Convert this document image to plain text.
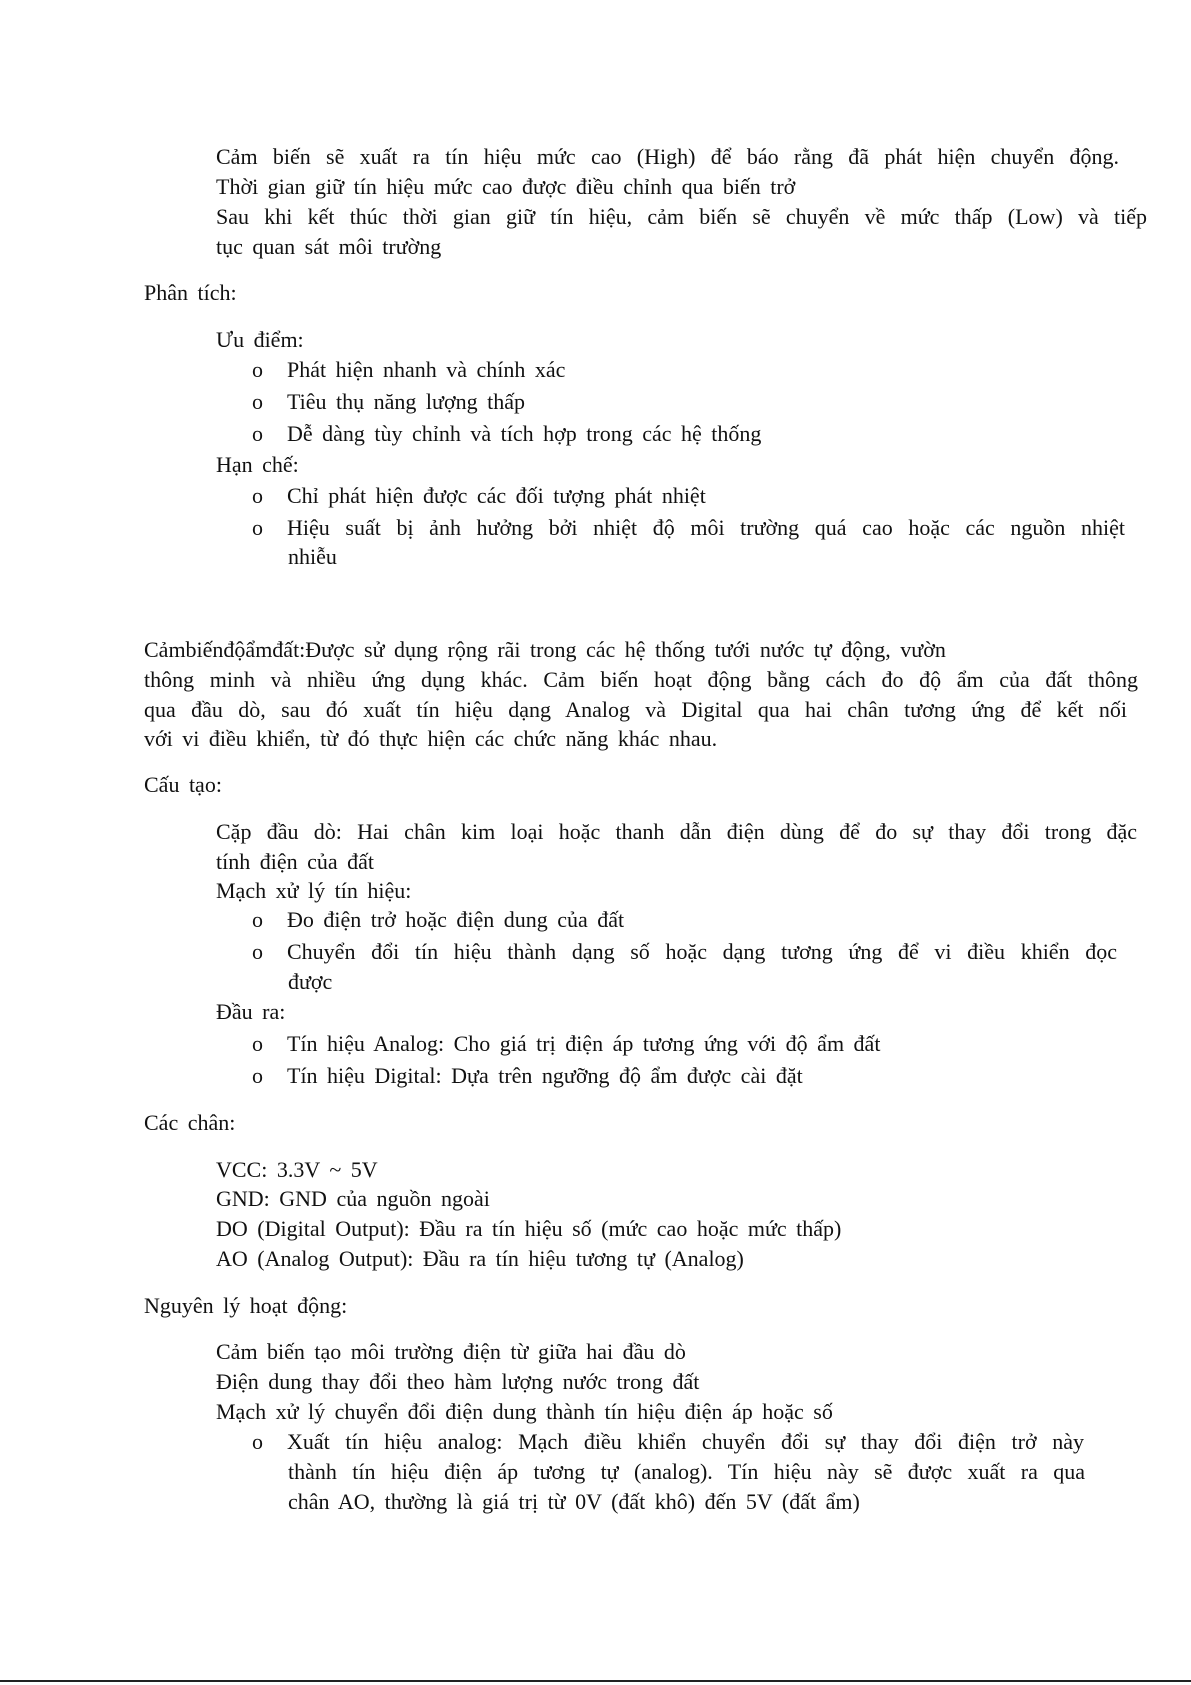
Cảm biến sẽ xuất ra tín hiệu mức cao (High) để báo rằng đã phát hiện chuyển động.
Thời gian giữ tín hiệu mức cao được điều chỉnh qua biến trở
Sau khi kết thúc thời gian giữ tín hiệu, cảm biến sẽ chuyển về mức thấp (Low) và tiếp
tục quan sát môi trường
Phân tích:
Ưu điểm:
o Phát hiện nhanh và chính xác
o Tiêu thụ năng lượng thấp
o Dễ dàng tùy chỉnh và tích hợp trong các hệ thống
Hạn chế:
o Chỉ phát hiện được các đối tượng phát nhiệt
o Hiệu suất bị ảnh hưởng bởi nhiệt độ môi trường quá cao hoặc các nguồn nhiệt
nhiễu
Cảmbiếnđộẩmđất:Được sử dụng rộng rãi trong các hệ thống tưới nước tự động, vườn
thông minh và nhiều ứng dụng khác. Cảm biến hoạt động bằng cách đo độ ẩm của đất thông
qua đầu dò, sau đó xuất tín hiệu dạng Analog và Digital qua hai chân tương ứng để kết nối
với vi điều khiển, từ đó thực hiện các chức năng khác nhau.
Cấu tạo:
Cặp đầu dò: Hai chân kim loại hoặc thanh dẫn điện dùng để đo sự thay đổi trong đặc
tính điện của đất
Mạch xử lý tín hiệu:
o Đo điện trở hoặc điện dung của đất
o Chuyển đổi tín hiệu thành dạng số hoặc dạng tương ứng để vi điều khiển đọc
được
Đầu ra:
o Tín hiệu Analog: Cho giá trị điện áp tương ứng với độ ẩm đất
o Tín hiệu Digital: Dựa trên ngưỡng độ ẩm được cài đặt
Các chân:
VCC: 3.3V ~ 5V
GND: GND của nguồn ngoài
DO (Digital Output): Đầu ra tín hiệu số (mức cao hoặc mức thấp)
AO (Analog Output): Đầu ra tín hiệu tương tự (Analog)
Nguyên lý hoạt động:
Cảm biến tạo môi trường điện từ giữa hai đầu dò
Điện dung thay đổi theo hàm lượng nước trong đất
Mạch xử lý chuyển đổi điện dung thành tín hiệu điện áp hoặc số
o Xuất tín hiệu analog: Mạch điều khiển chuyển đổi sự thay đổi điện trở này
thành tín hiệu điện áp tương tự (analog). Tín hiệu này sẽ được xuất ra qua
chân AO, thường là giá trị từ 0V (đất khô) đến 5V (đất ẩm)
